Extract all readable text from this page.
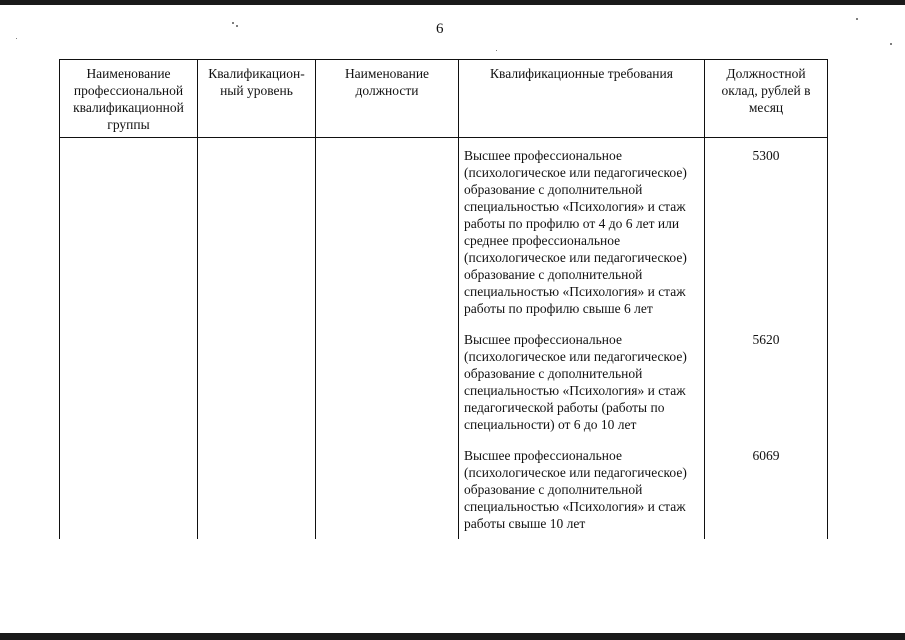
6
Наименование профессиональной квалификационной группы	Квалификацион-ный уровень	Наименование должности	Квалификационные требования	Должностной оклад, рублей в месяц

			Высшее профессиональное (психологическое или педагогическое) образование с дополнительной специальностью «Психология» и стаж работы по профилю от 4 до 6 лет или среднее профессиональное (психологическое или педагогическое) образование с дополнительной специальностью «Психология» и стаж работы по профилю свыше 6 лет	5300

			Высшее профессиональное (психологическое или педагогическое) образование с дополнительной специальностью «Психология» и стаж педагогической работы (работы по специальности) от 6 до 10 лет	5620

			Высшее профессиональное (психологическое или педагогическое) образование с дополнительной специальностью «Психология» и стаж работы свыше 10 лет	6069
